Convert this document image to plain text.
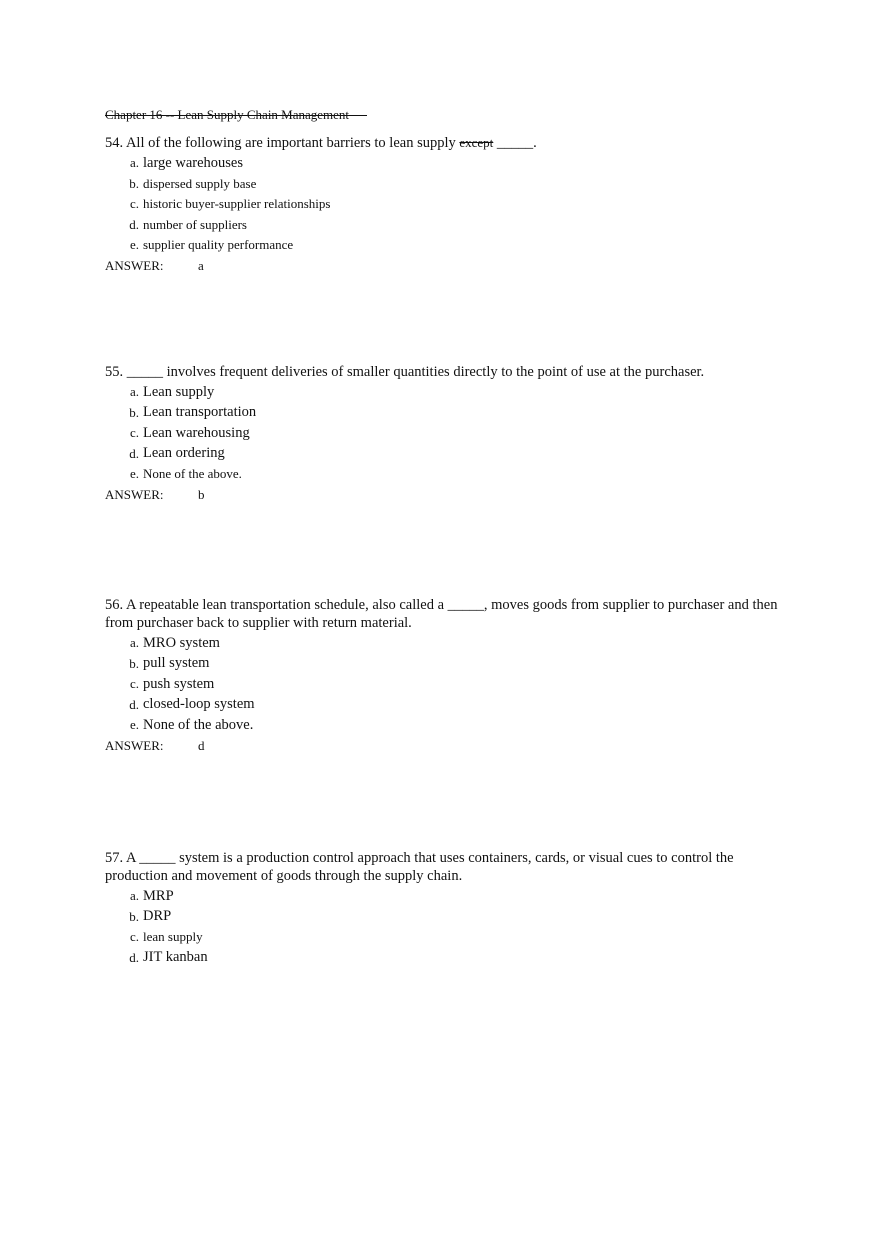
Chapter 16 -- Lean Supply Chain Management

54. All of the following are important barriers to lean supply except _____.

a. large warehouses
b. dispersed supply base
c. historic buyer-supplier relationships
d. number of suppliers
e. supplier quality performance
ANSWER:	a

55. _____ involves frequent deliveries of smaller quantities directly to the point of use at the purchaser.

a. Lean supply
b. Lean transportation
c. Lean warehousing
d. Lean ordering
e. None of the above.
ANSWER:	b

56. A repeatable lean transportation schedule, also called a _____, moves goods from supplier to purchaser and then from purchaser back to supplier with return material.

a. MRO system
b. pull system
c. push system
d. closed-loop system
e. None of the above.
ANSWER:	d

57. A _____ system is a production control approach that uses containers, cards, or visual cues to control the production and movement of goods through the supply chain.

a. MRP
b. DRP
c. lean supply
d. JIT kanban
